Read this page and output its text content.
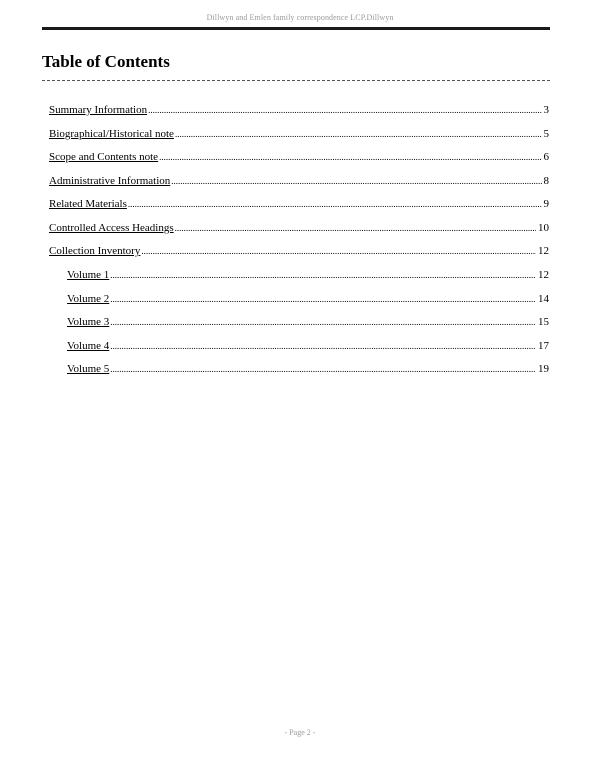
Dillwyn and Emlen family correspondence LCP.Dillwyn
Table of Contents
Summary Information .....	3
Biographical/Historical note .....	5
Scope and Contents note .....	6
Administrative Information .....	8
Related Materials .....	9
Controlled Access Headings .....	10
Collection Inventory .....	12
Volume 1 .....	12
Volume 2 .....	14
Volume 3 .....	15
Volume 4 .....	17
Volume 5 .....	19
- Page 2 -
